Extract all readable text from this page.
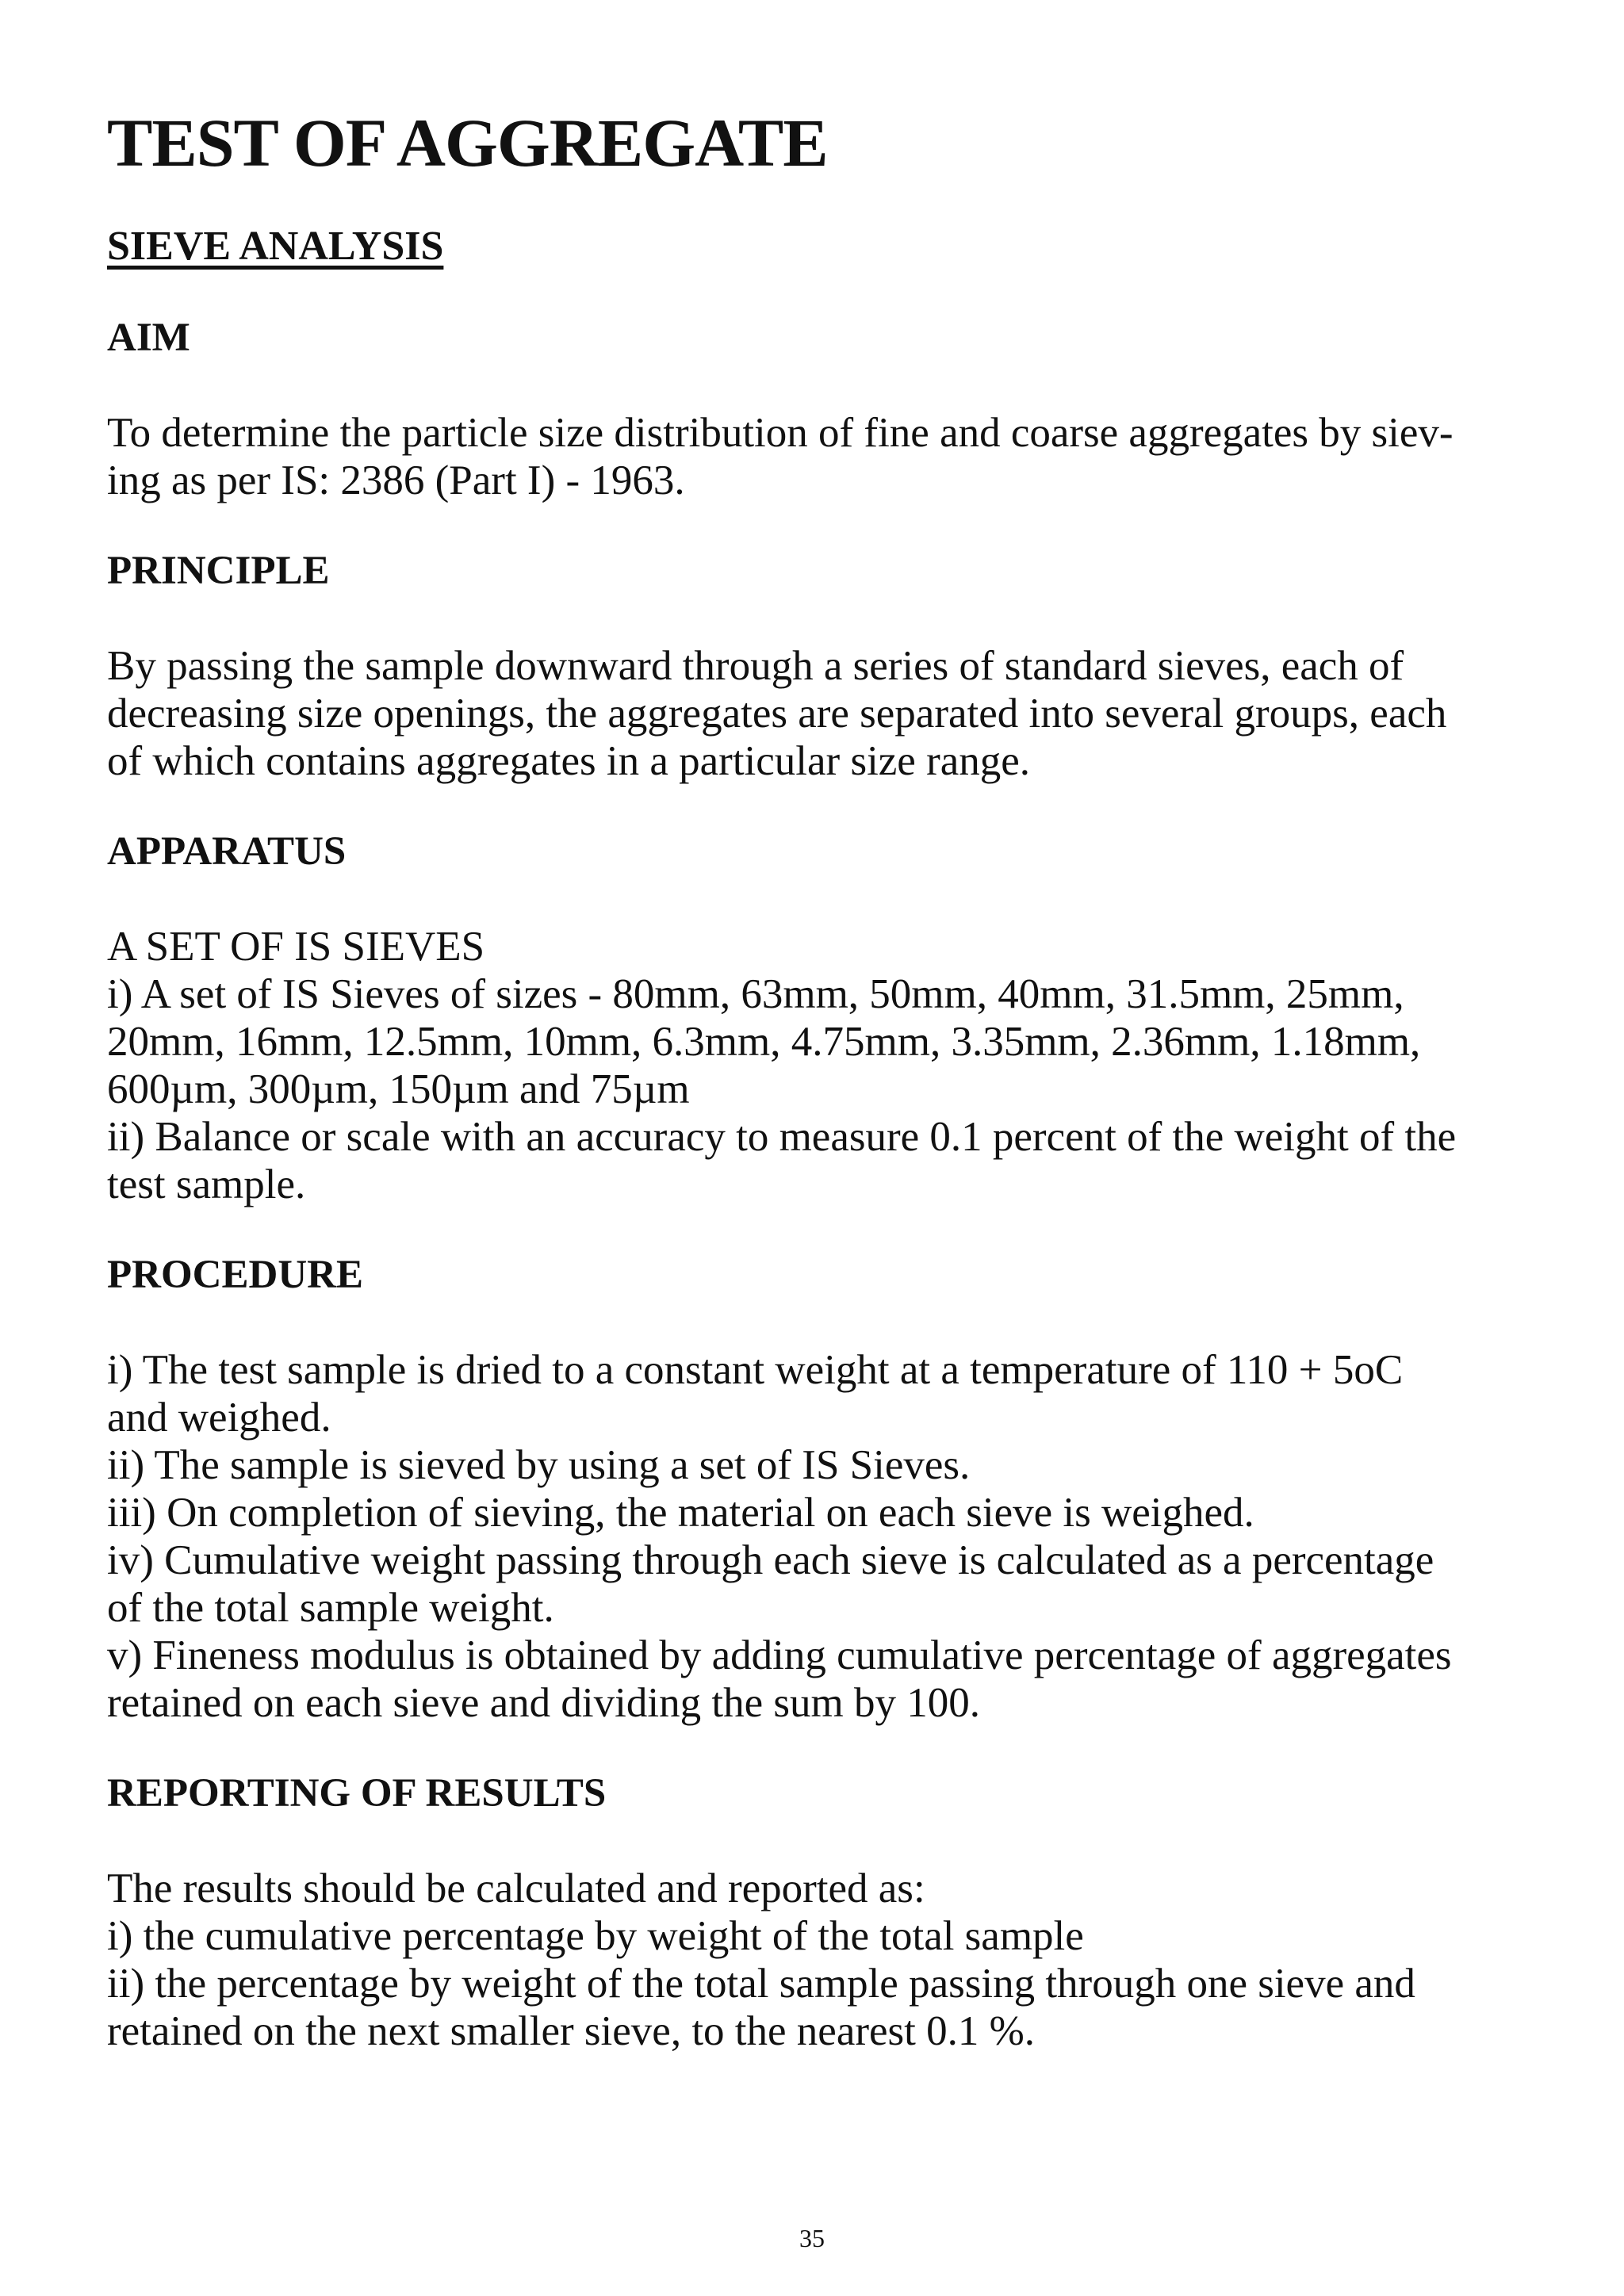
TEST OF AGGREGATE
SIEVE ANALYSIS
AIM

To determine the particle size distribution of fine and coarse aggregates by siev-
ing as per IS: 2386 (Part I) - 1963.

PRINCIPLE

By passing the sample downward through a series of standard sieves, each of
decreasing size openings, the aggregates are separated into several groups, each
of which contains aggregates in a particular size range.

APPARATUS

A SET OF IS SIEVES
i) A set of IS Sieves of sizes - 80mm, 63mm, 50mm, 40mm, 31.5mm, 25mm,
20mm, 16mm, 12.5mm, 10mm, 6.3mm, 4.75mm, 3.35mm, 2.36mm, 1.18mm,
600µm, 300µm, 150µm and 75µm
ii) Balance or scale with an accuracy to measure 0.1 percent of the weight of the
test sample.

PROCEDURE

i) The test sample is dried to a constant weight at a temperature of 110 + 5oC
and weighed.
ii) The sample is sieved by using a set of IS Sieves.
iii) On completion of sieving, the material on each sieve is weighed.
iv) Cumulative weight passing through each sieve is calculated as a percentage
of the total sample weight.
v) Fineness modulus is obtained by adding cumulative percentage of aggregates
retained on each sieve and dividing the sum by 100.

REPORTING OF RESULTS

The results should be calculated and reported as:
i) the cumulative percentage by weight of the total sample
ii) the percentage by weight of the total sample passing through one sieve and
retained on the next smaller sieve, to the nearest 0.1 %.

35
